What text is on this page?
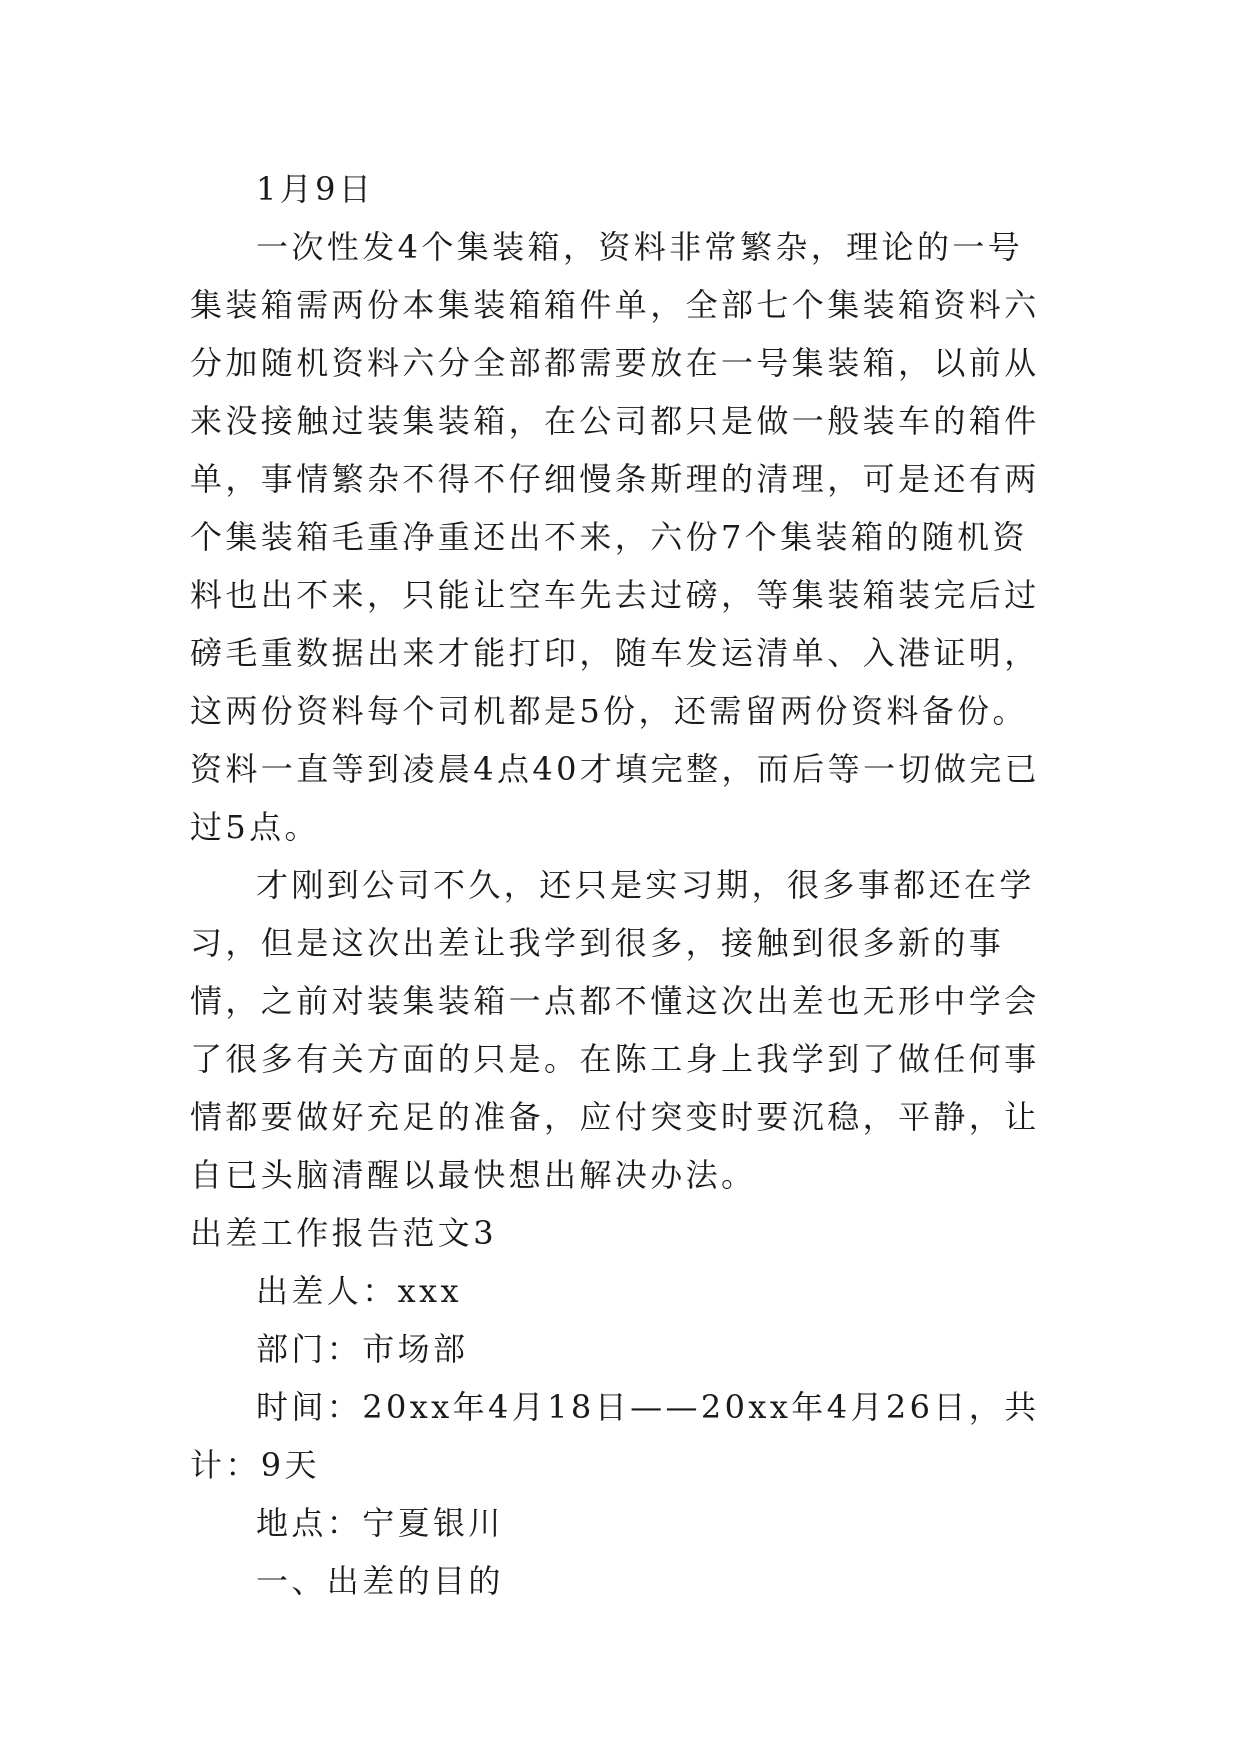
1月9日

一次性发4个集装箱，资料非常繁杂，理论的一号集装箱需两份本集装箱箱件单，全部七个集装箱资料六分加随机资料六分全部都需要放在一号集装箱，以前从来没接触过装集装箱，在公司都只是做一般装车的箱件单，事情繁杂不得不仔细慢条斯理的清理，可是还有两个集装箱毛重净重还出不来，六份7个集装箱的随机资料也出不来，只能让空车先去过磅，等集装箱装完后过磅毛重数据出来才能打印，随车发运清单、入港证明，这两份资料每个司机都是5份，还需留两份资料备份。资料一直等到凌晨4点40才填完整，而后等一切做完已过5点。

才刚到公司不久，还只是实习期，很多事都还在学习，但是这次出差让我学到很多，接触到很多新的事情，之前对装集装箱一点都不懂这次出差也无形中学会了很多有关方面的只是。在陈工身上我学到了做任何事情都要做好充足的准备，应付突变时要沉稳，平静，让自已头脑清醒以最快想出解决办法。

出差工作报告范文3

出差人：xxx

部门：市场部

时间：20xx年4月18日——20xx年4月26日，共计：9天

地点：宁夏银川

一、出差的目的
